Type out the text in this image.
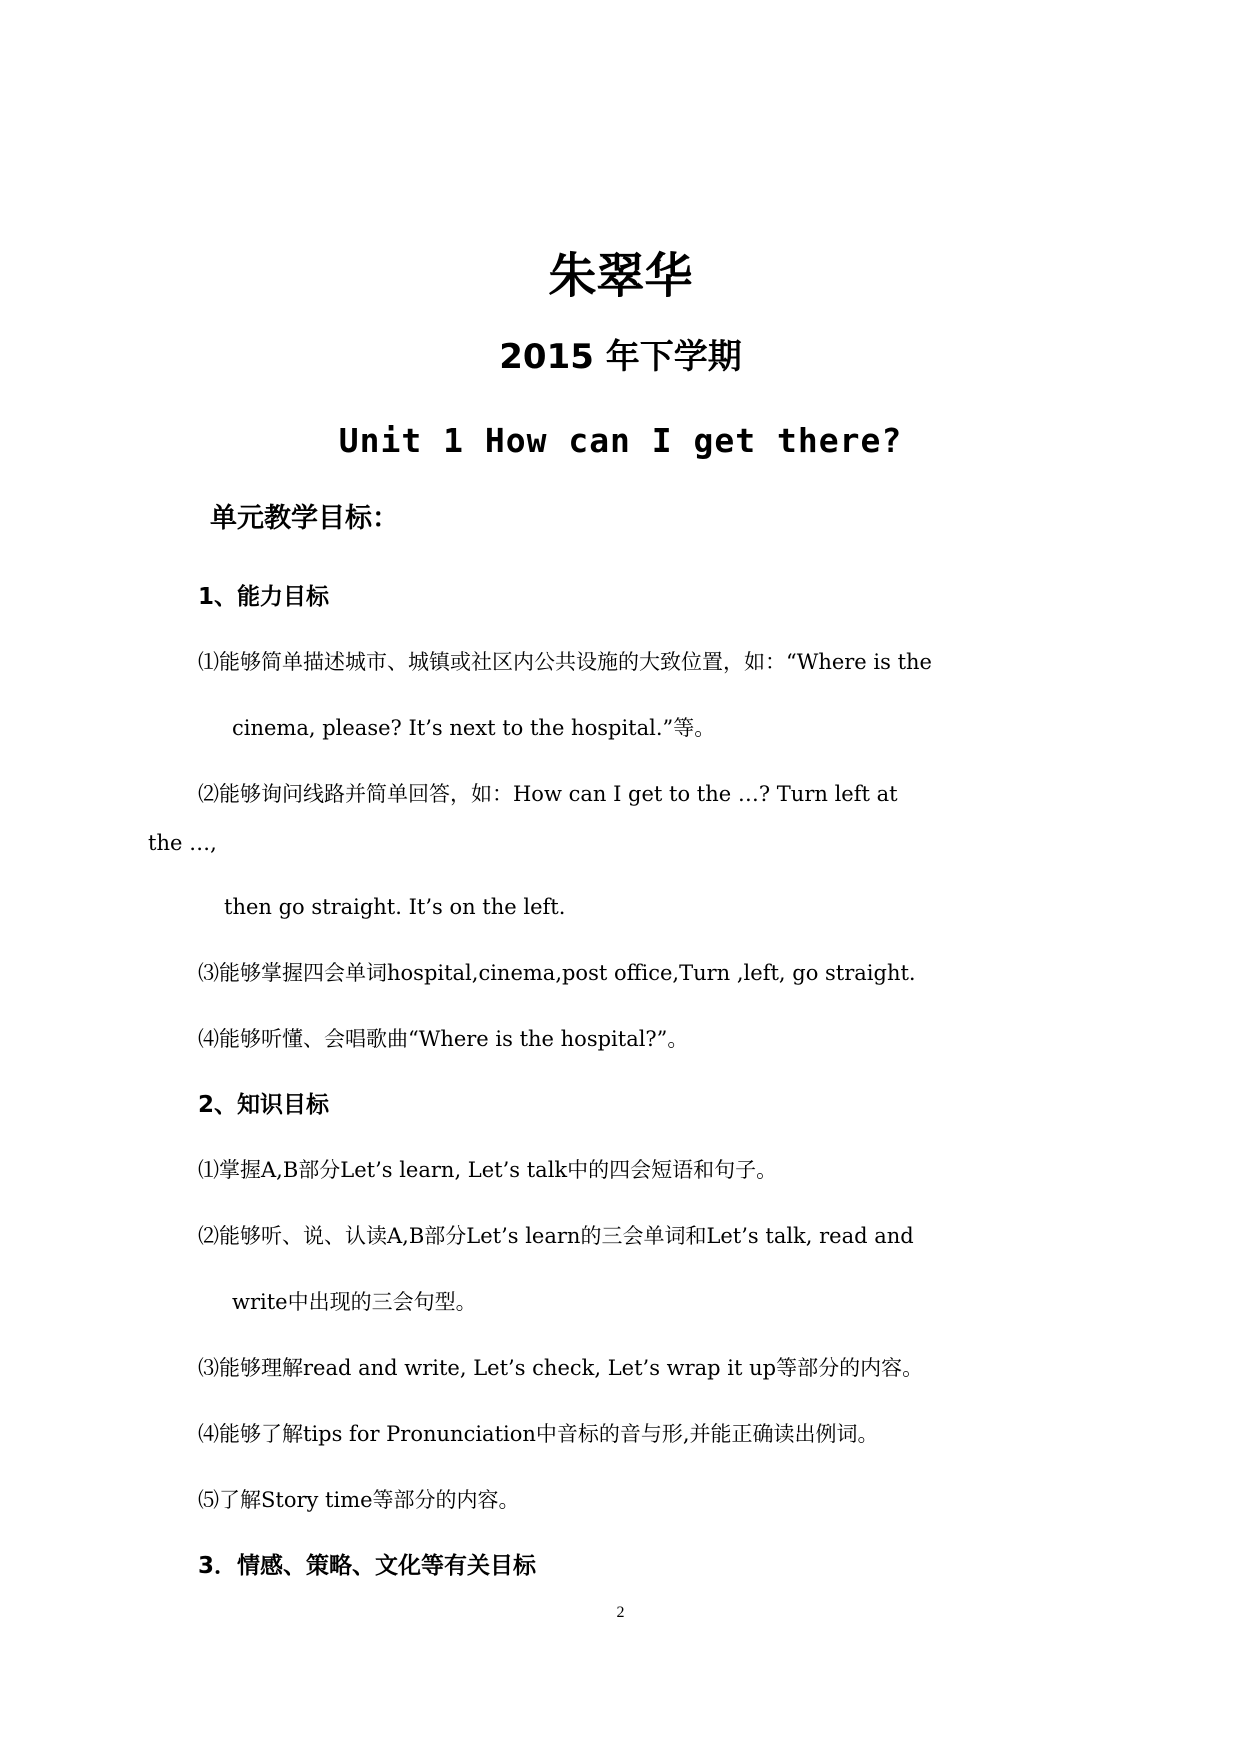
朱翠华
2015 年下学期
Unit 1 How can I get there?
单元教学目标：
1、能力目标
⑴能够简单描述城市、城镇或社区内公共设施的大致位置，如：“Where is the
cinema, please? It’s next to the hospital.”等。
⑵能够询问线路并简单回答，如：How can I get to the …? Turn left at
the …,
then go straight. It’s on the left.
⑶能够掌握四会单词hospital,cinema,post office,Turn ,left, go straight.
⑷能够听懂、会唱歌曲“Where is the hospital?”。
2、知识目标
⑴掌握A,B部分Let’s learn, Let’s talk中的四会短语和句子。
⑵能够听、说、认读A,B部分Let’s learn的三会单词和Let’s talk, read and
write中出现的三会句型。
⑶能够理解read and write, Let’s check, Let’s wrap it up等部分的内容。
⑷能够了解tips for Pronunciation中音标的音与形,并能正确读出例词。
⑸了解Story time等部分的内容。
3．情感、策略、文化等有关目标
2
